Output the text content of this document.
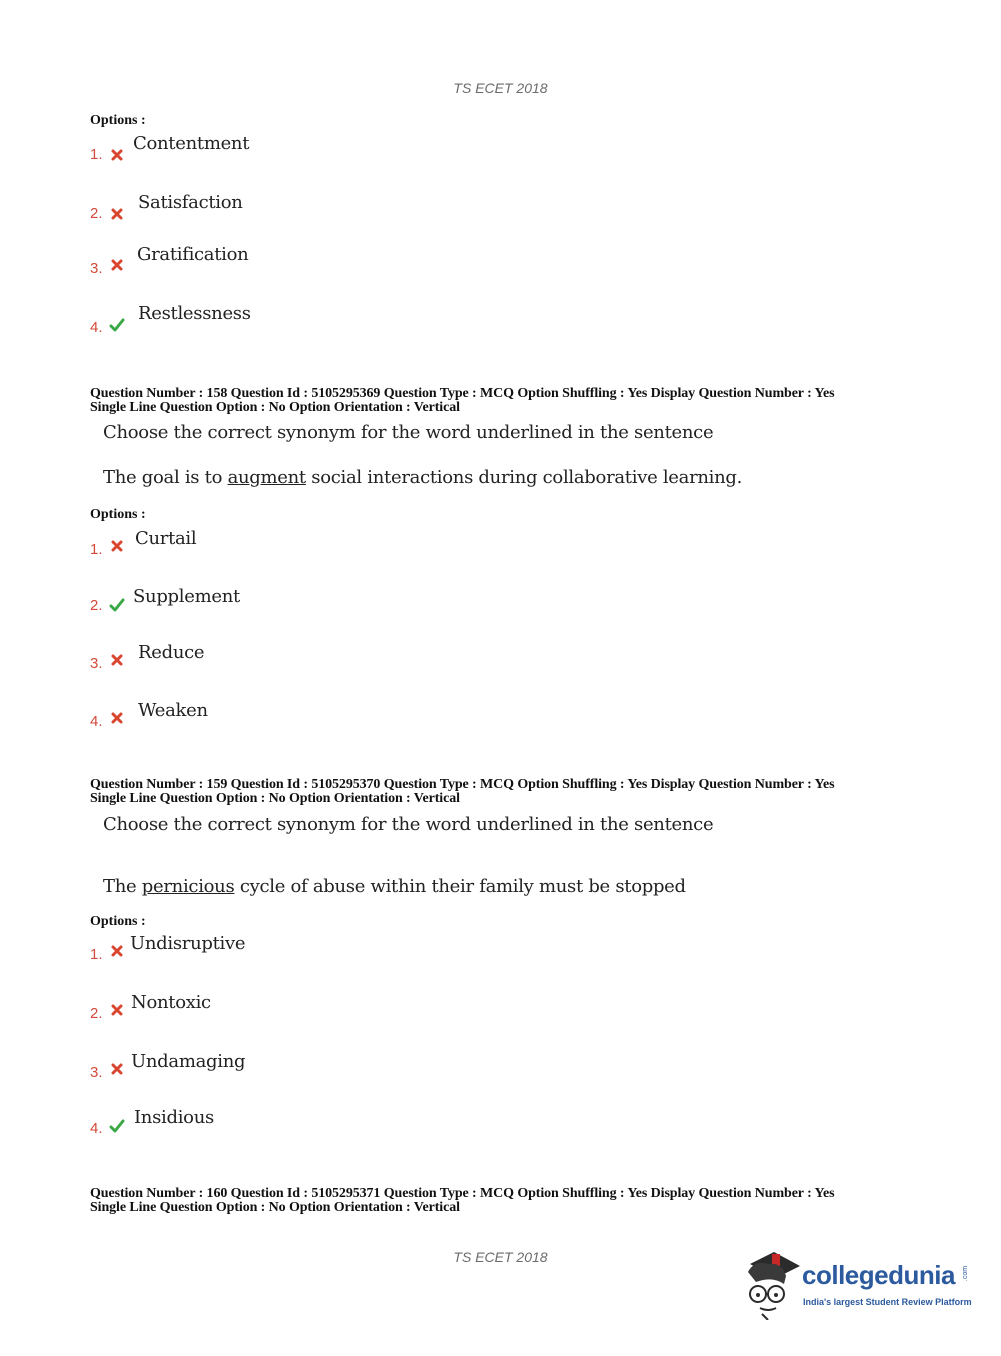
TS ECET 2018
Options :
1.
Contentment
2.
Satisfaction
3.
Gratification
4.
Restlessness
Question Number : 158 Question Id : 5105295369 Question Type : MCQ Option Shuffling : Yes Display Question Number : Yes
Single Line Question Option : No Option Orientation : Vertical
Choose the correct synonym for the word underlined in the sentence
The goal is to augment social interactions during collaborative learning.
Options :
1.
Curtail
2. Supplement
3.
Reduce
4.
Weaken
Question Number : 159 Question Id : 5105295370 Question Type : MCQ Option Shuffling : Yes Display Question Number : Yes
Single Line Question Option : No Option Orientation : Vertical
Choose the correct synonym for the word underlined in the sentence
The pernicious cycle of abuse within their family must be stopped
Options :
1.
Undisruptive
2.
Nontoxic
3.
Undamaging
4.
Insidious
Question Number : 160 Question Id : 5105295371 Question Type : MCQ Option Shuffling : Yes Display Question Number : Yes
Single Line Question Option : No Option Orientation : Vertical
TS ECET 2018
collegedunia .com
India's largest Student Review Platform
